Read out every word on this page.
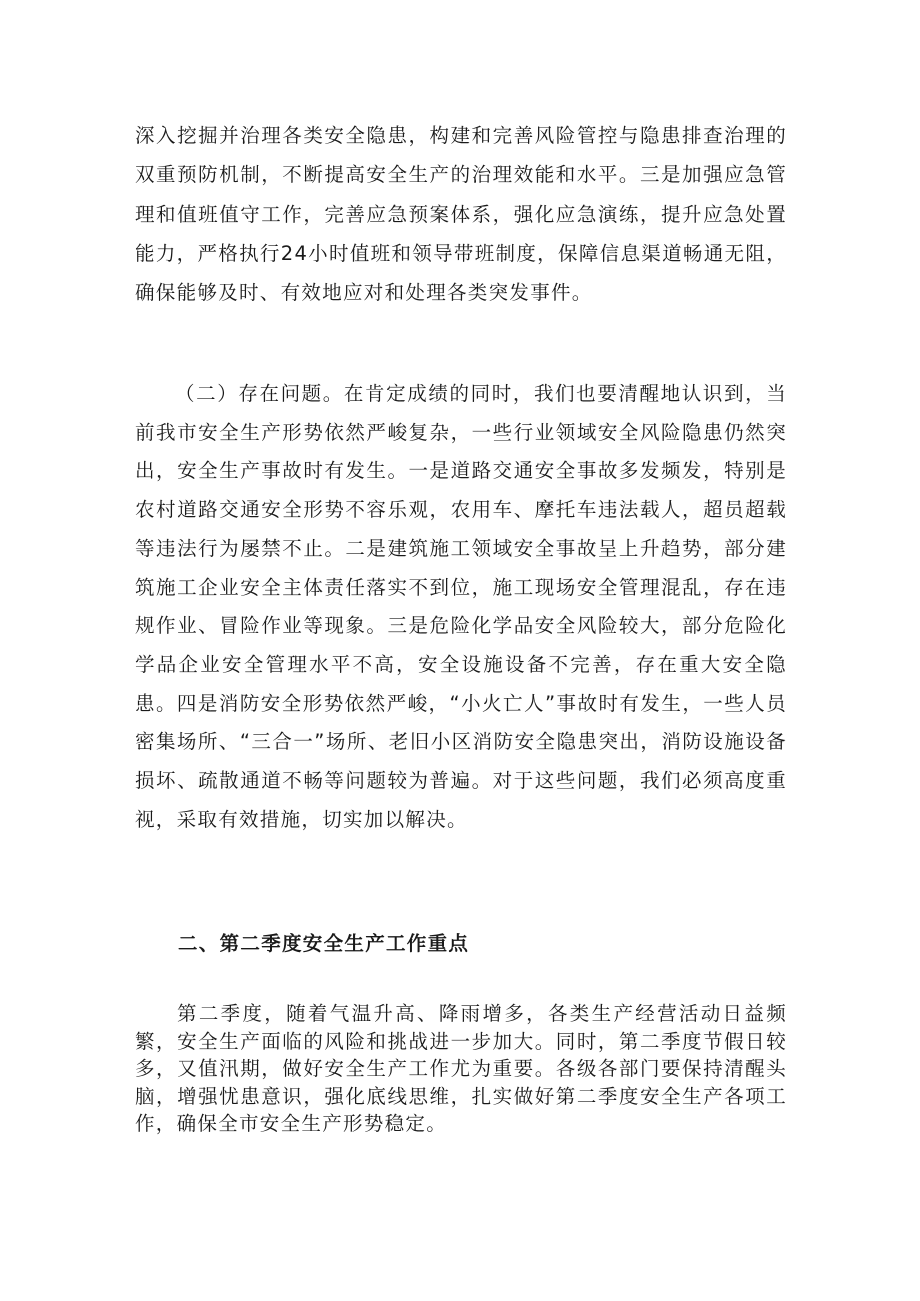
深入挖掘并治理各类安全隐患，构建和完善风险管控与隐患排查治理的双重预防机制，不断提高安全生产的治理效能和水平。三是加强应急管理和值班值守工作，完善应急预案体系，强化应急演练，提升应急处置能力，严格执行24小时值班和领导带班制度，保障信息渠道畅通无阻，确保能够及时、有效地应对和处理各类突发事件。

（二）存在问题。在肯定成绩的同时，我们也要清醒地认识到，当前我市安全生产形势依然严峻复杂，一些行业领域安全风险隐患仍然突出，安全生产事故时有发生。一是道路交通安全事故多发频发，特别是农村道路交通安全形势不容乐观，农用车、摩托车违法载人，超员超载等违法行为屡禁不止。二是建筑施工领域安全事故呈上升趋势，部分建筑施工企业安全主体责任落实不到位，施工现场安全管理混乱，存在违规作业、冒险作业等现象。三是危险化学品安全风险较大，部分危险化学品企业安全管理水平不高，安全设施设备不完善，存在重大安全隐患。四是消防安全形势依然严峻，“小火亡人”事故时有发生，一些人员密集场所、“三合一”场所、老旧小区消防安全隐患突出，消防设施设备损坏、疏散通道不畅等问题较为普遍。对于这些问题，我们必须高度重视，采取有效措施，切实加以解决。

二、第二季度安全生产工作重点

第二季度，随着气温升高、降雨增多，各类生产经营活动日益频繁，安全生产面临的风险和挑战进一步加大。同时，第二季度节假日较多，又值汛期，做好安全生产工作尤为重要。各级各部门要保持清醒头脑，增强忧患意识，强化底线思维，扎实做好第二季度安全生产各项工作，确保全市安全生产形势稳定。
